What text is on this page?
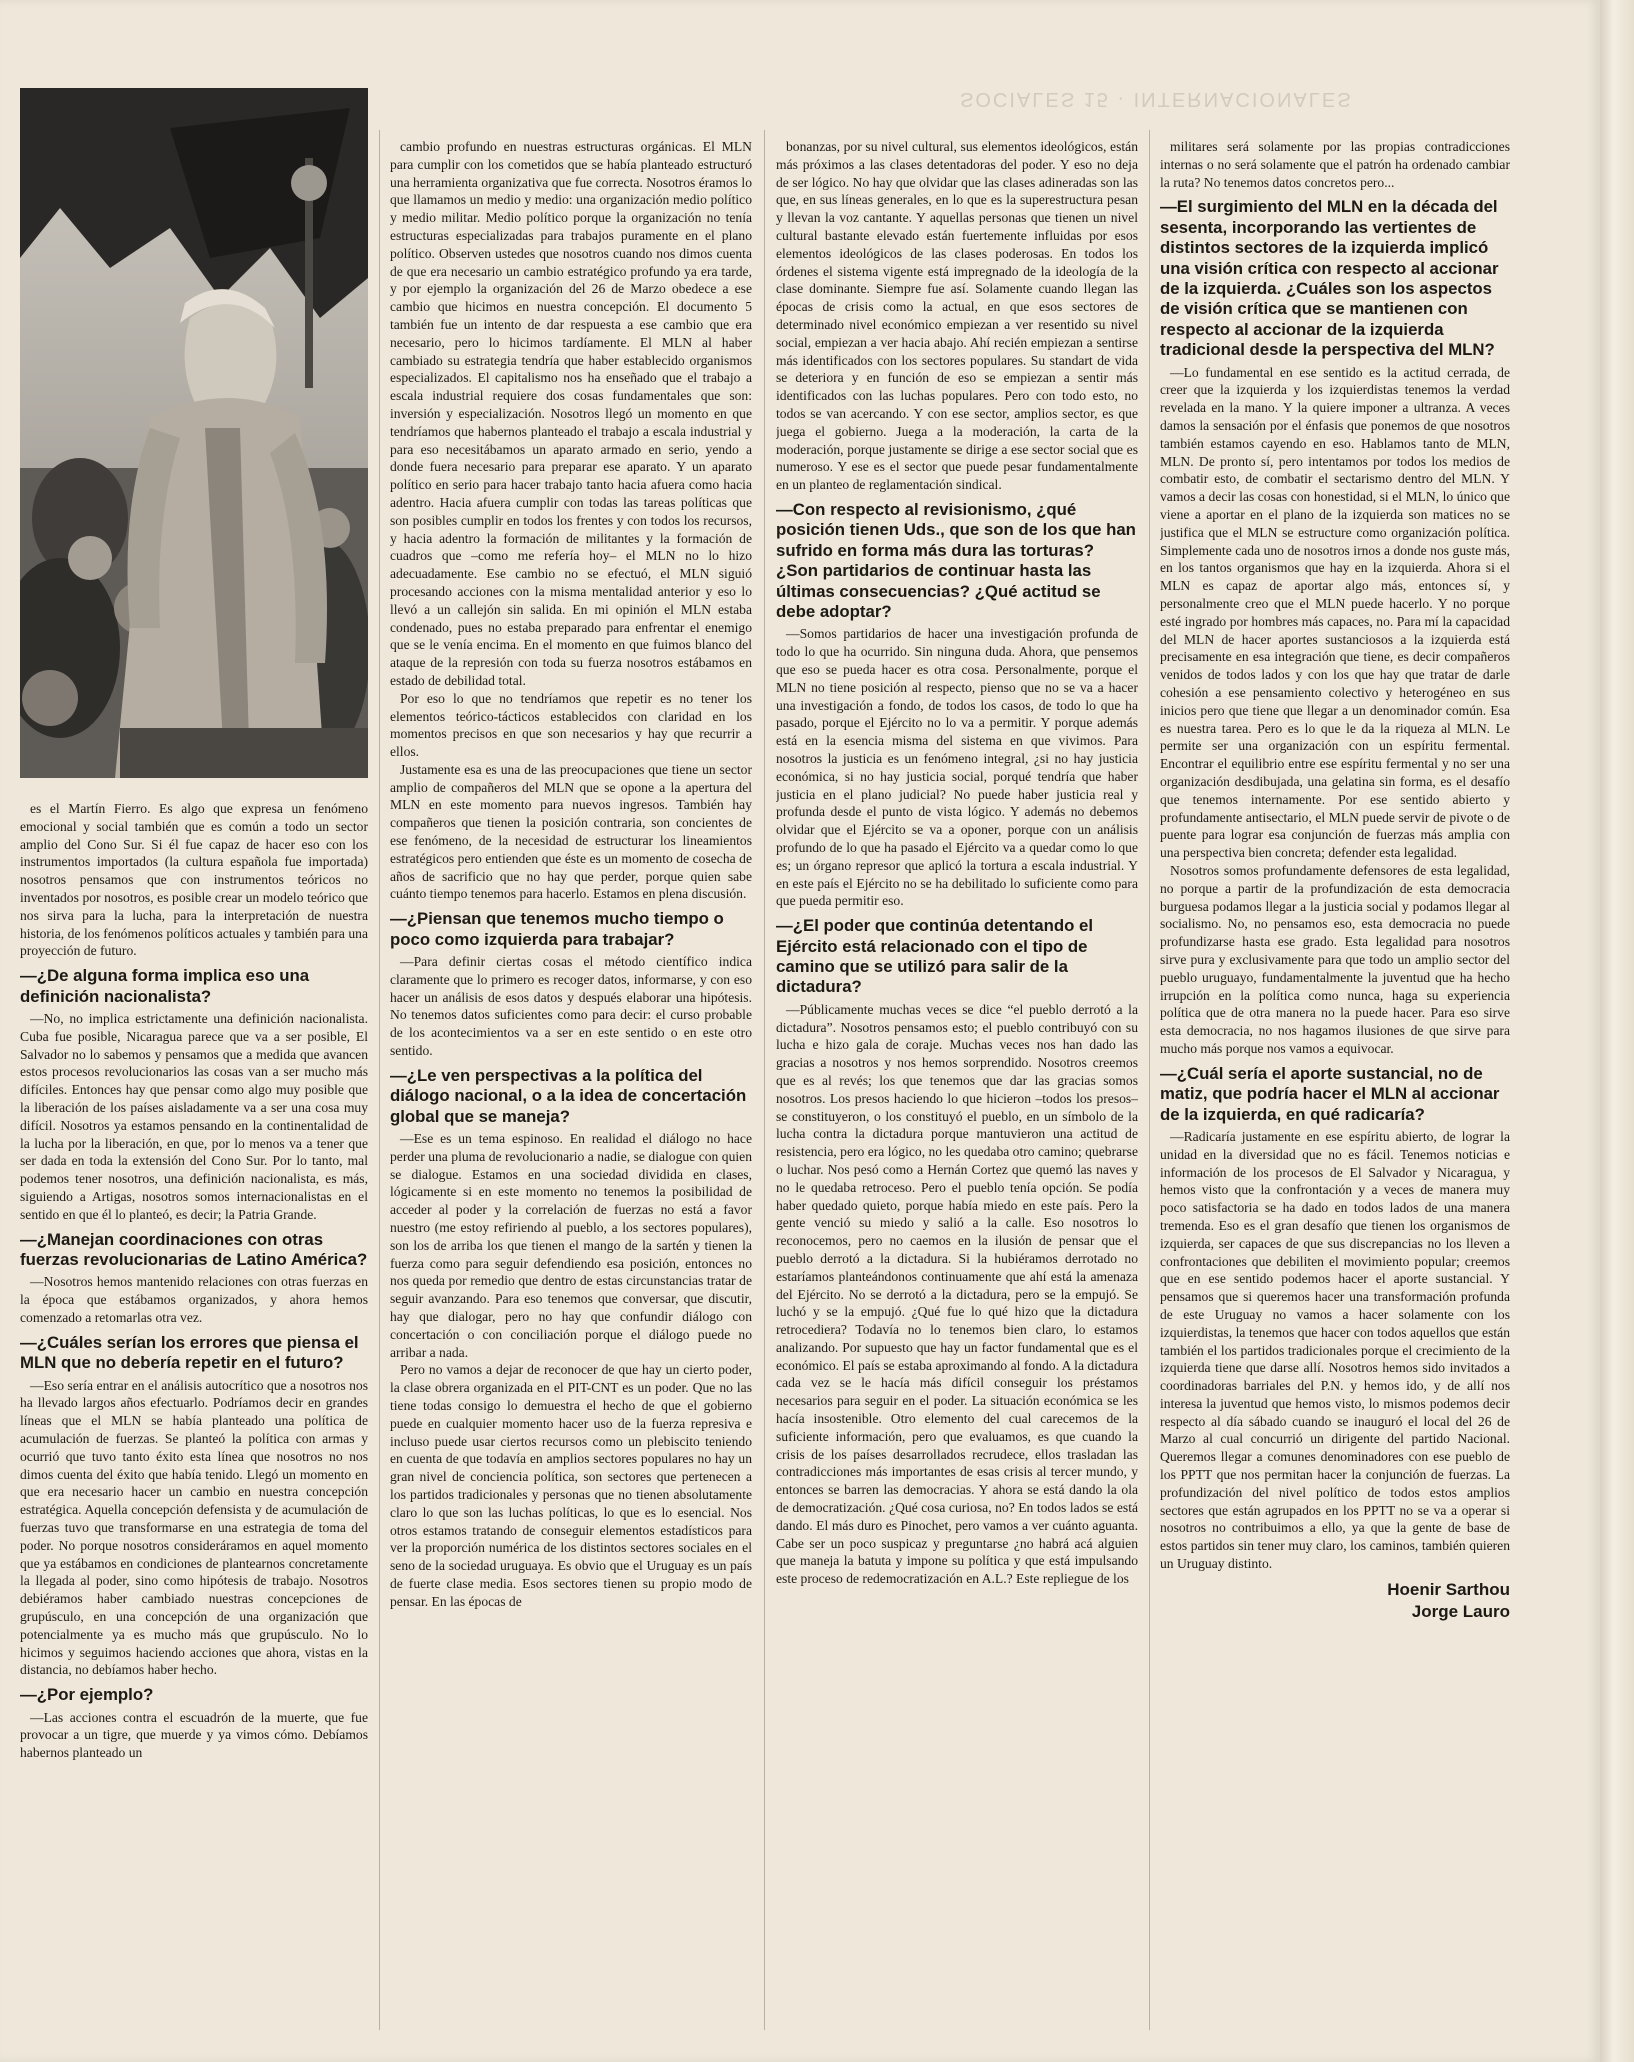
SOCIALES 15 · INTERNACIONALES

es el Martín Fierro. Es algo que expresa un fenómeno emocional y social también que es común a todo un sector amplio del Cono Sur. Si él fue capaz de hacer eso con los instrumentos importados (la cultura española fue importada) nosotros pensamos que con instrumentos teóricos no inventados por nosotros, es posible crear un modelo teórico que nos sirva para la lucha, para la interpretación de nuestra historia, de los fenómenos políticos actuales y también para una proyección de futuro.

—¿De alguna forma implica eso una definición nacionalista?

—No, no implica estrictamente una definición nacionalista. Cuba fue posible, Nicaragua parece que va a ser posible, El Salvador no lo sabemos y pensamos que a medida que avancen estos procesos revolucionarios las cosas van a ser mucho más difíciles. Entonces hay que pensar como algo muy posible que la liberación de los países aisladamente va a ser una cosa muy difícil. Nosotros ya estamos pensando en la continentalidad de la lucha por la liberación, en que, por lo menos va a tener que ser dada en toda la extensión del Cono Sur. Por lo tanto, mal podemos tener nosotros, una definición nacionalista, es más, siguiendo a Artigas, nosotros somos internacionalistas en el sentido en que él lo planteó, es decir; la Patria Grande.

—¿Manejan coordinaciones con otras fuerzas revolucionarias de Latino América?

—Nosotros hemos mantenido relaciones con otras fuerzas en la época que estábamos organizados, y ahora hemos comenzado a retomarlas otra vez.

—¿Cuáles serían los errores que piensa el MLN que no debería repetir en el futuro?

—Eso sería entrar en el análisis autocrítico que a nosotros nos ha llevado largos años efectuarlo. Podríamos decir en grandes líneas que el MLN se había planteado una política de acumulación de fuerzas. Se planteó la política con armas y ocurrió que tuvo tanto éxito esta línea que nosotros no nos dimos cuenta del éxito que había tenido. Llegó un momento en que era necesario hacer un cambio en nuestra concepción estratégica. Aquella concepción defensista y de acumulación de fuerzas tuvo que transformarse en una estrategia de toma del poder. No porque nosotros consideráramos en aquel momento que ya estábamos en condiciones de plantearnos concretamente la llegada al poder, sino como hipótesis de trabajo. Nosotros debiéramos haber cambiado nuestras concepciones de grupúsculo, en una concepción de una organización que potencialmente ya es mucho más que grupúsculo. No lo hicimos y seguimos haciendo acciones que ahora, vistas en la distancia, no debíamos haber hecho.

—¿Por ejemplo?

—Las acciones contra el escuadrón de la muerte, que fue provocar a un tigre, que muerde y ya vimos cómo. Debíamos habernos planteado un

cambio profundo en nuestras estructuras orgánicas. El MLN para cumplir con los cometidos que se había planteado estructuró una herramienta organizativa que fue correcta. Nosotros éramos lo que llamamos un medio y medio: una organización medio político y medio militar. Medio político porque la organización no tenía estructuras especializadas para trabajos puramente en el plano político. Observen ustedes que nosotros cuando nos dimos cuenta de que era necesario un cambio estratégico profundo ya era tarde, y por ejemplo la organización del 26 de Marzo obedece a ese cambio que hicimos en nuestra concepción. El documento 5 también fue un intento de dar respuesta a ese cambio que era necesario, pero lo hicimos tardíamente. El MLN al haber cambiado su estrategia tendría que haber establecido organismos especializados. El capitalismo nos ha enseñado que el trabajo a escala industrial requiere dos cosas fundamentales que son: inversión y especialización. Nosotros llegó un momento en que tendríamos que habernos planteado el trabajo a escala industrial y para eso necesitábamos un aparato armado en serio, yendo a donde fuera necesario para preparar ese aparato. Y un aparato político en serio para hacer trabajo tanto hacia afuera como hacia adentro. Hacia afuera cumplir con todas las tareas políticas que son posibles cumplir en todos los frentes y con todos los recursos, y hacia adentro la formación de militantes y la formación de cuadros que –como me refería hoy– el MLN no lo hizo adecuadamente. Ese cambio no se efectuó, el MLN siguió procesando acciones con la misma mentalidad anterior y eso lo llevó a un callejón sin salida. En mi opinión el MLN estaba condenado, pues no estaba preparado para enfrentar el enemigo que se le venía encima. En el momento en que fuimos blanco del ataque de la represión con toda su fuerza nosotros estábamos en estado de debilidad total.

Por eso lo que no tendríamos que repetir es no tener los elementos teórico-tácticos establecidos con claridad en los momentos precisos en que son necesarios y hay que recurrir a ellos.

Justamente esa es una de las preocupaciones que tiene un sector amplio de compañeros del MLN que se opone a la apertura del MLN en este momento para nuevos ingresos. También hay compañeros que tienen la posición contraria, son concientes de ese fenómeno, de la necesidad de estructurar los lineamientos estratégicos pero entienden que éste es un momento de cosecha de años de sacrificio que no hay que perder, porque quien sabe cuánto tiempo tenemos para hacerlo. Estamos en plena discusión.

—¿Piensan que tenemos mucho tiempo o poco como izquierda para trabajar?

—Para definir ciertas cosas el método científico indica claramente que lo primero es recoger datos, informarse, y con eso hacer un análisis de esos datos y después elaborar una hipótesis. No tenemos datos suficientes como para decir: el curso probable de los acontecimientos va a ser en este sentido o en este otro sentido.

—¿Le ven perspectivas a la política del diálogo nacional, o a la idea de concertación global que se maneja?

—Ese es un tema espinoso. En realidad el diálogo no hace perder una pluma de revolucionario a nadie, se dialogue con quien se dialogue. Estamos en una sociedad dividida en clases, lógicamente si en este momento no tenemos la posibilidad de acceder al poder y la correlación de fuerzas no está a favor nuestro (me estoy refiriendo al pueblo, a los sectores populares), son los de arriba los que tienen el mango de la sartén y tienen la fuerza como para seguir defendiendo esa posición, entonces no nos queda por remedio que dentro de estas circunstancias tratar de seguir avanzando. Para eso tenemos que conversar, que discutir, hay que dialogar, pero no hay que confundir diálogo con concertación o con conciliación porque el diálogo puede no arribar a nada.

Pero no vamos a dejar de reconocer de que hay un cierto poder, la clase obrera organizada en el PIT-CNT es un poder. Que no las tiene todas consigo lo demuestra el hecho de que el gobierno puede en cualquier momento hacer uso de la fuerza represiva e incluso puede usar ciertos recursos como un plebiscito teniendo en cuenta de que todavía en amplios sectores populares no hay un gran nivel de conciencia política, son sectores que pertenecen a los partidos tradicionales y personas que no tienen absolutamente claro lo que son las luchas políticas, lo que es lo esencial. Nos otros estamos tratando de conseguir elementos estadísticos para ver la proporción numérica de los distintos sectores sociales en el seno de la sociedad uruguaya. Es obvio que el Uruguay es un país de fuerte clase media. Esos sectores tienen su propio modo de pensar. En las épocas de

bonanzas, por su nivel cultural, sus elementos ideológicos, están más próximos a las clases detentadoras del poder. Y eso no deja de ser lógico. No hay que olvidar que las clases adineradas son las que, en sus líneas generales, en lo que es la superestructura pesan y llevan la voz cantante. Y aquellas personas que tienen un nivel cultural bastante elevado están fuertemente influidas por esos elementos ideológicos de las clases poderosas. En todos los órdenes el sistema vigente está impregnado de la ideología de la clase dominante. Siempre fue así. Solamente cuando llegan las épocas de crisis como la actual, en que esos sectores de determinado nivel económico empiezan a ver resentido su nivel social, empiezan a ver hacia abajo. Ahí recién empiezan a sentirse más identificados con los sectores populares. Su standart de vida se deteriora y en función de eso se empiezan a sentir más identificados con las luchas populares. Pero con todo esto, no todos se van acercando. Y con ese sector, amplios sector, es que juega el gobierno. Juega a la moderación, la carta de la moderación, porque justamente se dirige a ese sector social que es numeroso. Y ese es el sector que puede pesar fundamentalmente en un planteo de reglamentación sindical.

—Con respecto al revisionismo, ¿qué posición tienen Uds., que son de los que han sufrido en forma más dura las torturas? ¿Son partidarios de continuar hasta las últimas consecuencias? ¿Qué actitud se debe adoptar?

—Somos partidarios de hacer una investigación profunda de todo lo que ha ocurrido. Sin ninguna duda. Ahora, que pensemos que eso se pueda hacer es otra cosa. Personalmente, porque el MLN no tiene posición al respecto, pienso que no se va a hacer una investigación a fondo, de todos los casos, de todo lo que ha pasado, porque el Ejército no lo va a permitir. Y porque además está en la esencia misma del sistema en que vivimos. Para nosotros la justicia es un fenómeno integral, ¿si no hay justicia económica, si no hay justicia social, porqué tendría que haber justicia en el plano judicial? No puede haber justicia real y profunda desde el punto de vista lógico. Y además no debemos olvidar que el Ejército se va a oponer, porque con un análisis profundo de lo que ha pasado el Ejército va a quedar como lo que es; un órgano represor que aplicó la tortura a escala industrial. Y en este país el Ejército no se ha debilitado lo suficiente como para que pueda permitir eso.

—¿El poder que continúa detentando el Ejército está relacionado con el tipo de camino que se utilizó para salir de la dictadura?

—Públicamente muchas veces se dice “el pueblo derrotó a la dictadura”. Nosotros pensamos esto; el pueblo contribuyó con su lucha e hizo gala de coraje. Muchas veces nos han dado las gracias a nosotros y nos hemos sorprendido. Nosotros creemos que es al revés; los que tenemos que dar las gracias somos nosotros. Los presos haciendo lo que hicieron –todos los presos– se constituyeron, o los constituyó el pueblo, en un símbolo de la lucha contra la dictadura porque mantuvieron una actitud de resistencia, pero era lógico, no les quedaba otro camino; quebrarse o luchar. Nos pesó como a Hernán Cortez que quemó las naves y no le quedaba retroceso. Pero el pueblo tenía opción. Se podía haber quedado quieto, porque había miedo en este país. Pero la gente venció su miedo y salió a la calle. Eso nosotros lo reconocemos, pero no caemos en la ilusión de pensar que el pueblo derrotó a la dictadura. Si la hubiéramos derrotado no estaríamos planteándonos continuamente que ahí está la amenaza del Ejército. No se derrotó a la dictadura, pero se la empujó. Se luchó y se la empujó. ¿Qué fue lo qué hizo que la dictadura retrocediera? Todavía no lo tenemos bien claro, lo estamos analizando. Por supuesto que hay un factor fundamental que es el económico. El país se estaba aproximando al fondo. A la dictadura cada vez se le hacía más difícil conseguir los préstamos necesarios para seguir en el poder. La situación económica se les hacía insostenible. Otro elemento del cual carecemos de la suficiente información, pero que evaluamos, es que cuando la crisis de los países desarrollados recrudece, ellos trasladan las contradicciones más importantes de esas crisis al tercer mundo, y entonces se barren las democracias. Y ahora se está dando la ola de democratización. ¿Qué cosa curiosa, no? En todos lados se está dando. El más duro es Pinochet, pero vamos a ver cuánto aguanta. Cabe ser un poco suspicaz y preguntarse ¿no habrá acá alguien que maneja la batuta y impone su política y que está impulsando este proceso de redemocratización en A.L.? Este repliegue de los

militares será solamente por las propias contradicciones internas o no será solamente que el patrón ha ordenado cambiar la ruta? No tenemos datos concretos pero...

—El surgimiento del MLN en la década del sesenta, incorporando las vertientes de distintos sectores de la izquierda implicó una visión crítica con respecto al accionar de la izquierda. ¿Cuáles son los aspectos de visión crítica que se mantienen con respecto al accionar de la izquierda tradicional desde la perspectiva del MLN?

—Lo fundamental en ese sentido es la actitud cerrada, de creer que la izquierda y los izquierdistas tenemos la verdad revelada en la mano. Y la quiere imponer a ultranza. A veces damos la sensación por el énfasis que ponemos de que nosotros también estamos cayendo en eso. Hablamos tanto de MLN, MLN. De pronto sí, pero intentamos por todos los medios de combatir esto, de combatir el sectarismo dentro del MLN. Y vamos a decir las cosas con honestidad, si el MLN, lo único que viene a aportar en el plano de la izquierda son matices no se justifica que el MLN se estructure como organización política. Simplemente cada uno de nosotros irnos a donde nos guste más, en los tantos organismos que hay en la izquierda. Ahora si el MLN es capaz de aportar algo más, entonces sí, y personalmente creo que el MLN puede hacerlo. Y no porque esté ingrado por hombres más capaces, no. Para mí la capacidad del MLN de hacer aportes sustanciosos a la izquierda está precisamente en esa integración que tiene, es decir compañeros venidos de todos lados y con los que hay que tratar de darle cohesión a ese pensamiento colectivo y heterogéneo en sus inicios pero que tiene que llegar a un denominador común. Esa es nuestra tarea. Pero es lo que le da la riqueza al MLN. Le permite ser una organización con un espíritu fermental. Encontrar el equilibrio entre ese espíritu fermental y no ser una organización desdibujada, una gelatina sin forma, es el desafío que tenemos internamente. Por ese sentido abierto y profundamente antisectario, el MLN puede servir de pivote o de puente para lograr esa conjunción de fuerzas más amplia con una perspectiva bien concreta; defender esta legalidad.

Nosotros somos profundamente defensores de esta legalidad, no porque a partir de la profundización de esta democracia burguesa podamos llegar a la justicia social y podamos llegar al socialismo. No, no pensamos eso, esta democracia no puede profundizarse hasta ese grado. Esta legalidad para nosotros sirve pura y exclusivamente para que todo un amplio sector del pueblo uruguayo, fundamentalmente la juventud que ha hecho irrupción en la política como nunca, haga su experiencia política que de otra manera no la puede hacer. Para eso sirve esta democracia, no nos hagamos ilusiones de que sirve para mucho más porque nos vamos a equivocar.

—¿Cuál sería el aporte sustancial, no de matiz, que podría hacer el MLN al accionar de la izquierda, en qué radicaría?

—Radicaría justamente en ese espíritu abierto, de lograr la unidad en la diversidad que no es fácil. Tenemos noticias e información de los procesos de El Salvador y Nicaragua, y hemos visto que la confrontación y a veces de manera muy poco satisfactoria se ha dado en todos lados de una manera tremenda. Eso es el gran desafío que tienen los organismos de izquierda, ser capaces de que sus discrepancias no los lleven a confrontaciones que debiliten el movimiento popular; creemos que en ese sentido podemos hacer el aporte sustancial. Y pensamos que si queremos hacer una transformación profunda de este Uruguay no vamos a hacer solamente con los izquierdistas, la tenemos que hacer con todos aquellos que están también el los partidos tradicionales porque el crecimiento de la izquierda tiene que darse allí. Nosotros hemos sido invitados a coordinadoras barriales del P.N. y hemos ido, y de allí nos interesa la juventud que hemos visto, lo mismos podemos decir respecto al día sábado cuando se inauguró el local del 26 de Marzo al cual concurrió un dirigente del partido Nacional. Queremos llegar a comunes denominadores con ese pueblo de los PPTT que nos permitan hacer la conjunción de fuerzas. La profundización del nivel político de todos estos amplios sectores que están agrupados en los PPTT no se va a operar si nosotros no contribuimos a ello, ya que la gente de base de estos partidos sin tener muy claro, los caminos, también quieren un Uruguay distinto.

Hoenir Sarthou
Jorge Lauro
